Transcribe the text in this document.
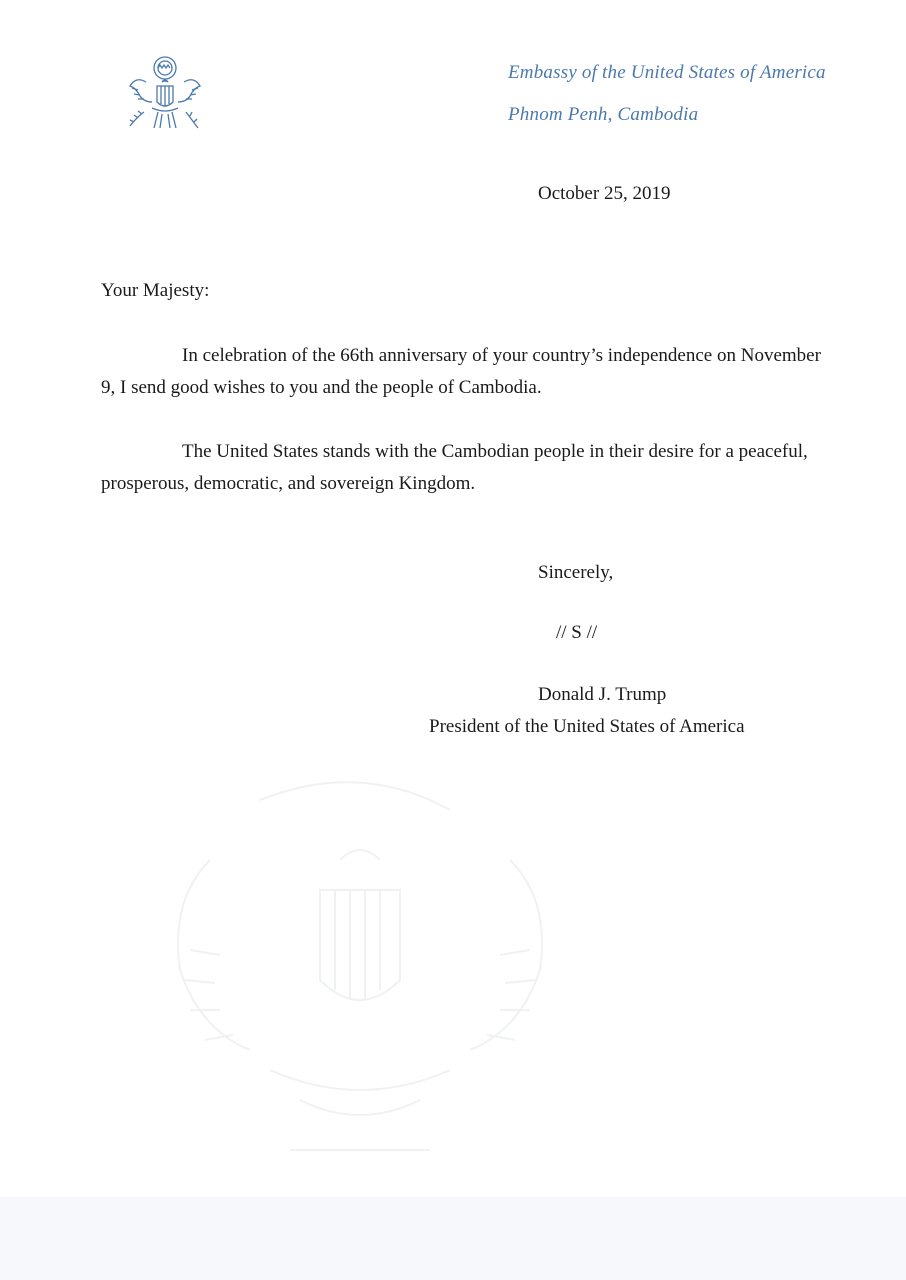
Embassy of the United States of America
Phnom Penh, Cambodia
October 25, 2019
Your Majesty:

In celebration of the 66th anniversary of your country’s independence on November 9, I send good wishes to you and the people of Cambodia.

The United States stands with the Cambodian people in their desire for a peaceful, prosperous, democratic, and sovereign Kingdom.

Sincerely,
// S //
Donald J. Trump
President of the United States of America
